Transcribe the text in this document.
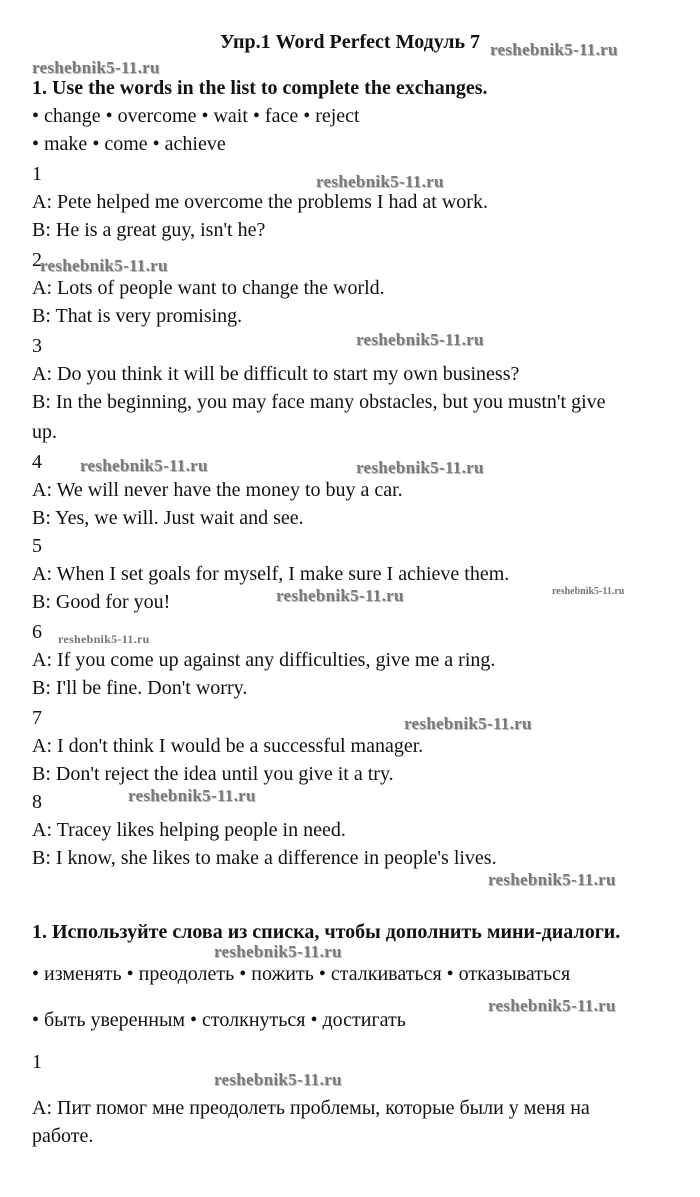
Упр.1 Word Perfect Модуль 7
1. Use the words in the list to complete the exchanges.
• change • overcome • wait • face • reject
• make • come • achieve
1
A: Pete helped me overcome the problems I had at work.
B: He is a great guy, isn't he?
2
A: Lots of people want to change the world.
B: That is very promising.
3
A: Do you think it will be difficult to start my own business?
B: In the beginning, you may face many obstacles, but you mustn't give
up.
4
A: We will never have the money to buy a car.
B: Yes, we will. Just wait and see.
5
A: When I set goals for myself, I make sure I achieve them.
B: Good for you!
6
A: If you come up against any difficulties, give me a ring.
B: I'll be fine. Don't worry.
7
A: I don't think I would be a successful manager.
B: Don't reject the idea until you give it a try.
8
A: Tracey likes helping people in need.
B: I know, she likes to make a difference in people's lives.
1. Используйте слова из списка, чтобы дополнить мини-диалоги.
• изменять • преодолеть • пожить • сталкиваться • отказываться
• быть уверенным • столкнуться • достигать
1
A: Пит помог мне преодолеть проблемы, которые были у меня на
работе.
reshebnik5-11.ru
reshebnik5-11.ru
reshebnik5-11.ru
reshebnik5-11.ru
reshebnik5-11.ru
reshebnik5-11.ru	reshebnik5-11.ru
reshebnik5-11.ru	reshebnik5-11.ru
reshebnik5-11.ru
reshebnik5-11.ru
reshebnik5-11.ru
reshebnik5-11.ru
reshebnik5-11.ru
reshebnik5-11.ru
reshebnik5-11.ru
